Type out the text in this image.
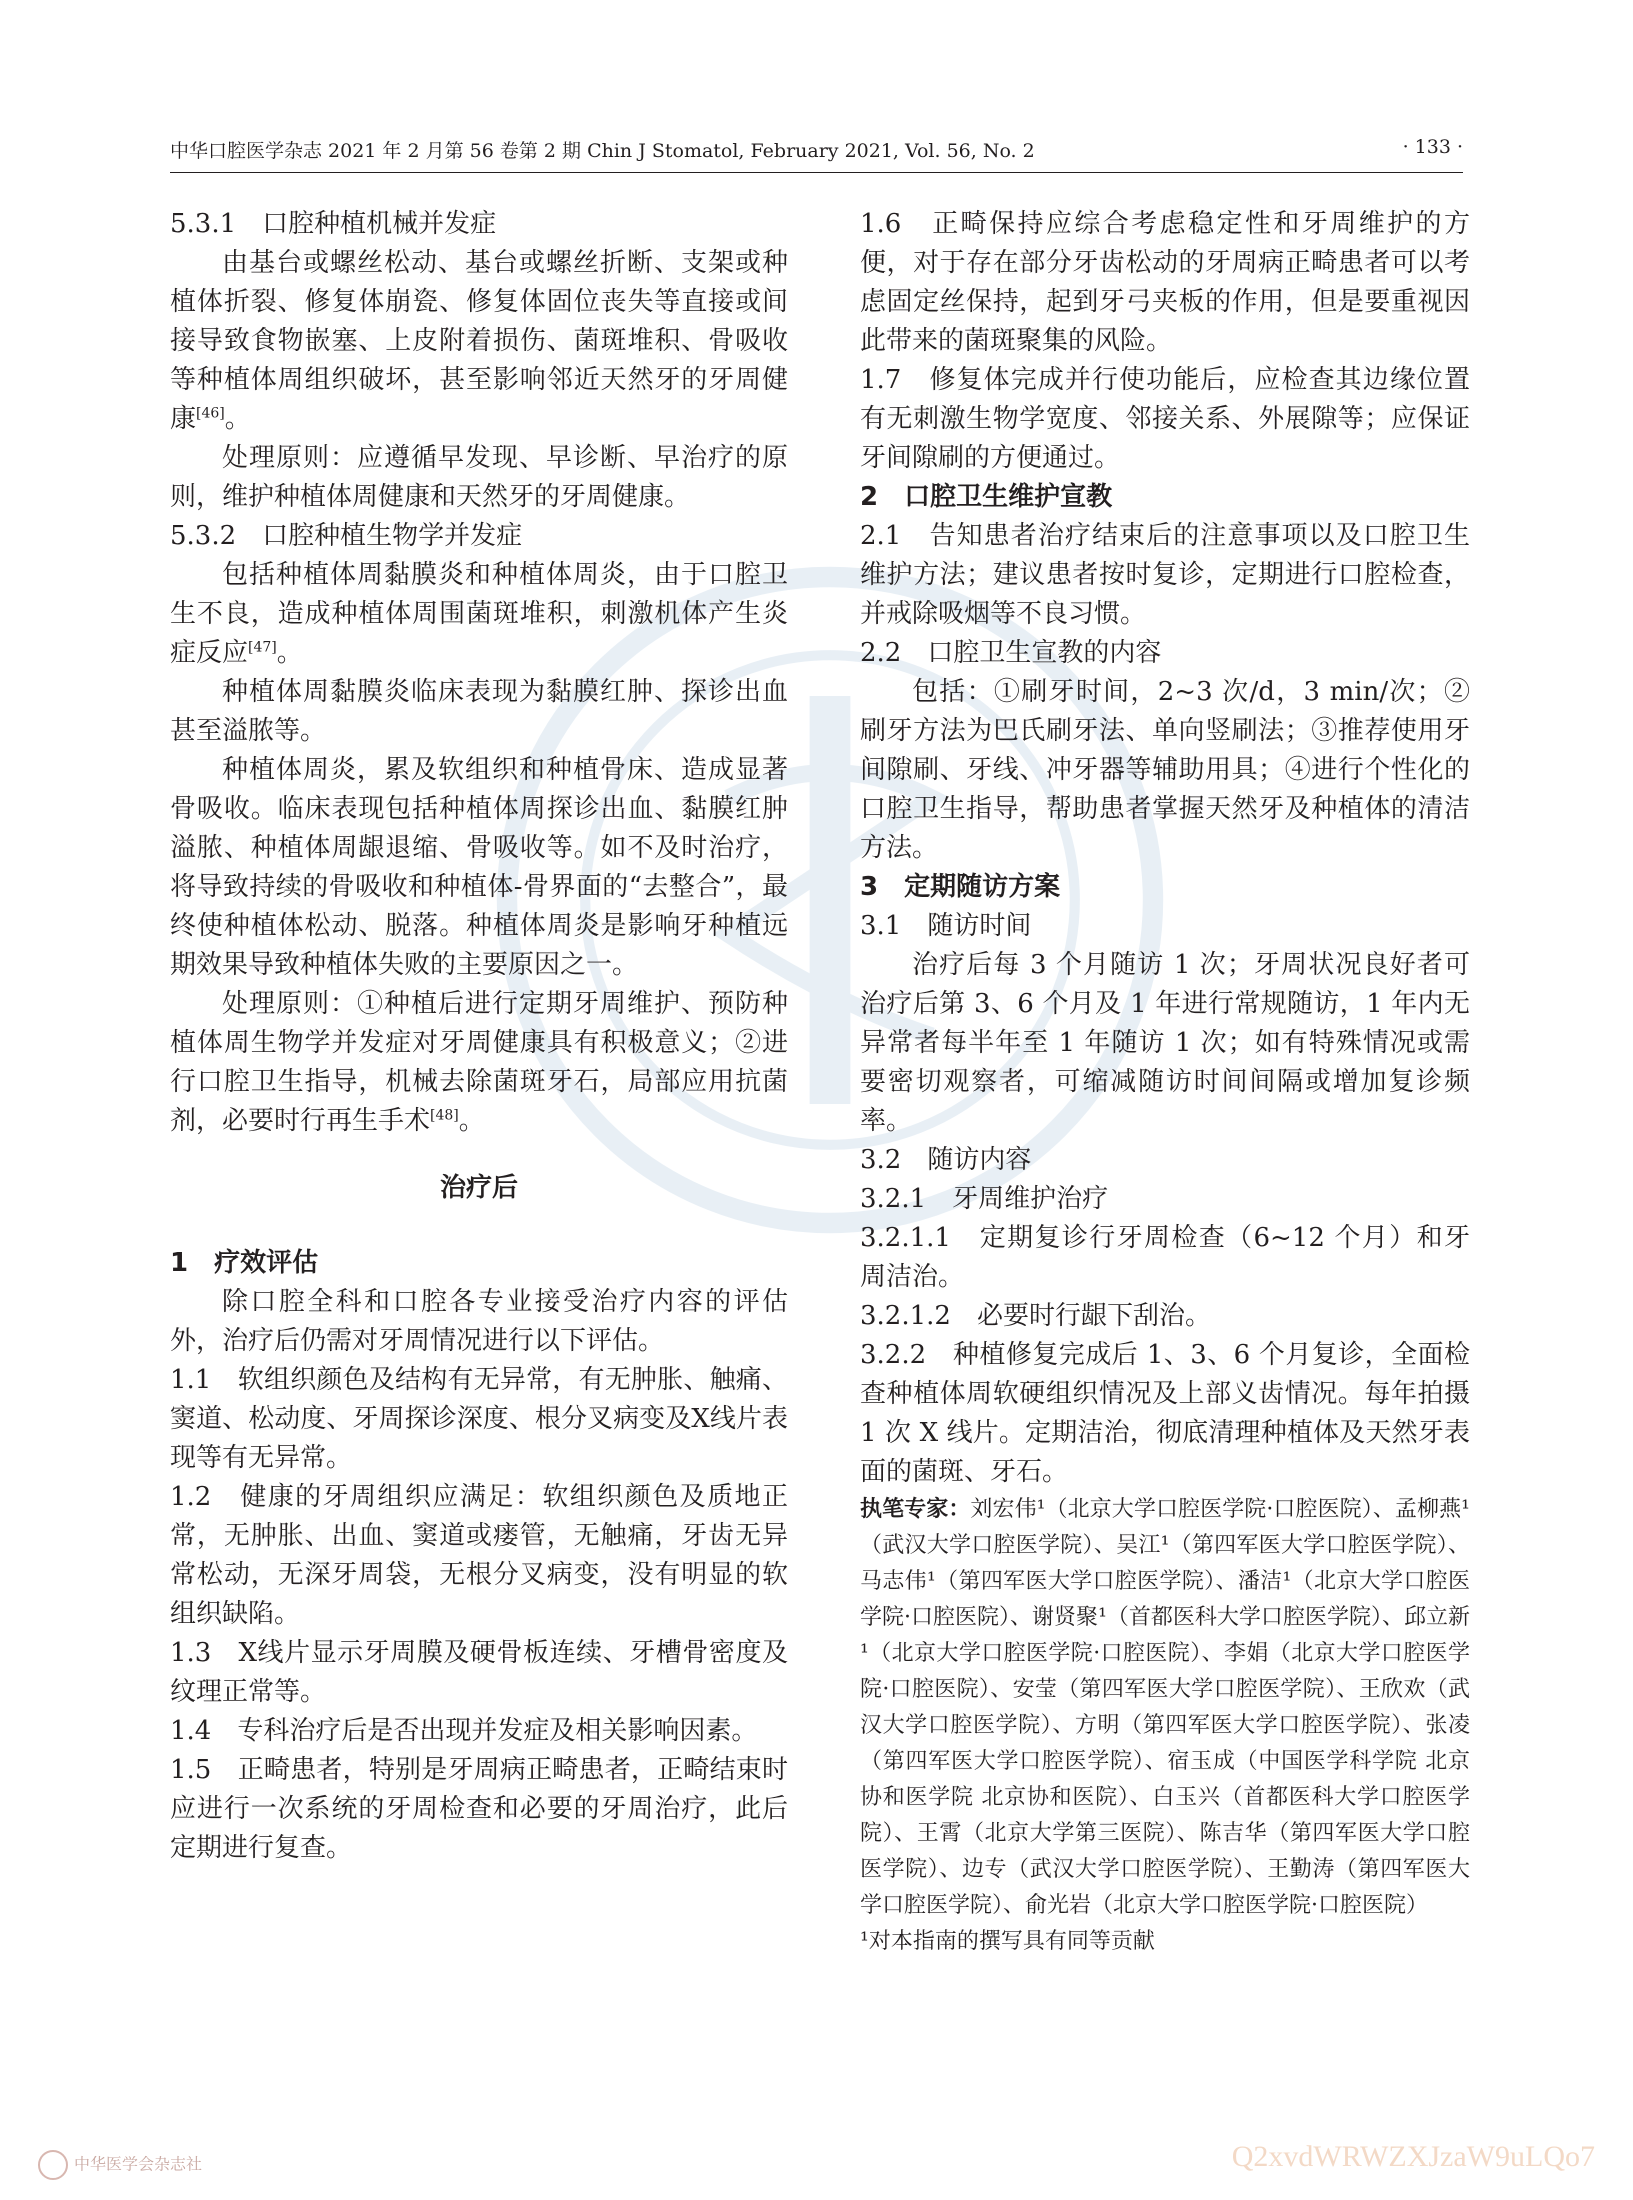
中华口腔医学杂志 2021 年 2 月第 56 卷第 2 期 Chin J Stomatol, February 2021, Vol. 56, No. 2	· 133 ·

5.3.1　口腔种植机械并发症

由基台或螺丝松动、基台或螺丝折断、支架或种植体折裂、修复体崩瓷、修复体固位丧失等直接或间接导致食物嵌塞、上皮附着损伤、菌斑堆积、骨吸收等种植体周组织破坏，甚至影响邻近天然牙的牙周健康[46]。

处理原则：应遵循早发现、早诊断、早治疗的原则，维护种植体周健康和天然牙的牙周健康。

5.3.2　口腔种植生物学并发症

包括种植体周黏膜炎和种植体周炎，由于口腔卫生不良，造成种植体周围菌斑堆积，刺激机体产生炎症反应[47]。

种植体周黏膜炎临床表现为黏膜红肿、探诊出血甚至溢脓等。

种植体周炎，累及软组织和种植骨床、造成显著骨吸收。临床表现包括种植体周探诊出血、黏膜红肿溢脓、种植体周龈退缩、骨吸收等。如不及时治疗，将导致持续的骨吸收和种植体-骨界面的“去整合”，最终使种植体松动、脱落。种植体周炎是影响牙种植远期效果导致种植体失败的主要原因之一。

处理原则：①种植后进行定期牙周维护、预防种植体周生物学并发症对牙周健康具有积极意义；②进行口腔卫生指导，机械去除菌斑牙石，局部应用抗菌剂，必要时行再生手术[48]。

治疗后
1　疗效评估

除口腔全科和口腔各专业接受治疗内容的评估外，治疗后仍需对牙周情况进行以下评估。

1.1　软组织颜色及结构有无异常，有无肿胀、触痛、窦道、松动度、牙周探诊深度、根分叉病变及X线片表现等有无异常。

1.2　健康的牙周组织应满足：软组织颜色及质地正常，无肿胀、出血、窦道或瘘管，无触痛，牙齿无异常松动，无深牙周袋，无根分叉病变，没有明显的软组织缺陷。

1.3　X线片显示牙周膜及硬骨板连续、牙槽骨密度及纹理正常等。

1.4　专科治疗后是否出现并发症及相关影响因素。

1.5　正畸患者，特别是牙周病正畸患者，正畸结束时应进行一次系统的牙周检查和必要的牙周治疗，此后定期进行复查。

1.6　正畸保持应综合考虑稳定性和牙周维护的方便，对于存在部分牙齿松动的牙周病正畸患者可以考虑固定丝保持，起到牙弓夹板的作用，但是要重视因此带来的菌斑聚集的风险。

1.7　修复体完成并行使功能后，应检查其边缘位置有无刺激生物学宽度、邻接关系、外展隙等；应保证牙间隙刷的方便通过。

2　口腔卫生维护宣教

2.1　告知患者治疗结束后的注意事项以及口腔卫生维护方法；建议患者按时复诊，定期进行口腔检查，并戒除吸烟等不良习惯。

2.2　口腔卫生宣教的内容

包括：①刷牙时间，2~3 次/d，3 min/次；②刷牙方法为巴氏刷牙法、单向竖刷法；③推荐使用牙间隙刷、牙线、冲牙器等辅助用具；④进行个性化的口腔卫生指导，帮助患者掌握天然牙及种植体的清洁方法。

3　定期随访方案

3.1　随访时间

治疗后每 3 个月随访 1 次；牙周状况良好者可治疗后第 3、6 个月及 1 年进行常规随访，1 年内无异常者每半年至 1 年随访 1 次；如有特殊情况或需要密切观察者，可缩减随访时间间隔或增加复诊频率。

3.2　随访内容

3.2.1　牙周维护治疗

3.2.1.1　定期复诊行牙周检查（6~12 个月）和牙周洁治。

3.2.1.2　必要时行龈下刮治。

3.2.2　种植修复完成后 1、3、6 个月复诊，全面检查种植体周软硬组织情况及上部义齿情况。每年拍摄 1 次 X 线片。定期洁治，彻底清理种植体及天然牙表面的菌斑、牙石。

执笔专家：刘宏伟¹（北京大学口腔医学院·口腔医院）、孟柳燕¹（武汉大学口腔医学院）、吴江¹（第四军医大学口腔医学院）、马志伟¹（第四军医大学口腔医学院）、潘洁¹（北京大学口腔医学院·口腔医院）、谢贤聚¹（首都医科大学口腔医学院）、邱立新¹（北京大学口腔医学院·口腔医院）、李娟（北京大学口腔医学院·口腔医院）、安莹（第四军医大学口腔医学院）、王欣欢（武汉大学口腔医学院）、方明（第四军医大学口腔医学院）、张凌（第四军医大学口腔医学院）、宿玉成（中国医学科学院 北京协和医学院 北京协和医院）、白玉兴（首都医科大学口腔医学院）、王霄（北京大学第三医院）、陈吉华（第四军医大学口腔医学院）、边专（武汉大学口腔医学院）、王勤涛（第四军医大学口腔医学院）、俞光岩（北京大学口腔医学院·口腔医院）

¹对本指南的撰写具有同等贡献

中华医学会杂志社	Q2xvdWRWZXJzaW9uLQo7
